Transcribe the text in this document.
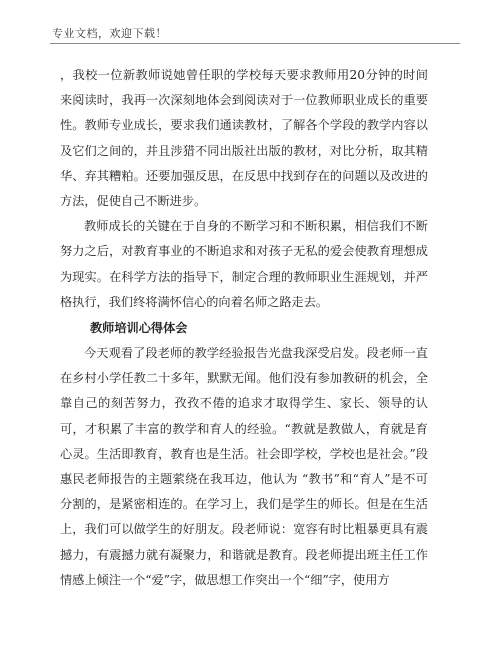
专业文档，欢迎下载！

，我校一位新教师说她曾任职的学校每天要求教师用20分钟的时间来阅读时，我再一次深刻地体会到阅读对于一位教师职业成长的重要性。教师专业成长，要求我们通读教材，了解各个学段的教学内容以及它们之间的，并且涉猎不同出版社出版的教材，对比分析，取其精华、弃其糟粕。还要加强反思，在反思中找到存在的问题以及改进的方法，促使自己不断进步。

教师成长的关键在于自身的不断学习和不断积累，相信我们不断努力之后，对教育事业的不断追求和对孩子无私的爱会使教育理想成为现实。在科学方法的指导下，制定合理的教师职业生涯规划，并严格执行，我们终将满怀信心的向着名师之路走去。

教师培训心得体会

今天观看了段老师的教学经验报告光盘我深受启发。段老师一直在乡村小学任教二十多年，默默无闻。他们没有参加教研的机会，全靠自己的刻苦努力，孜孜不倦的追求才取得学生、家长、领导的认可，才积累了丰富的教学和育人的经验。“教就是教做人，育就是育心灵。生活即教育，教育也是生活。社会即学校，学校也是社会。”段惠民老师报告的主题萦绕在我耳边，他认为 “教书”和“育人”是不可分割的，是紧密相连的。在学习上，我们是学生的师长。但是在生活上，我们可以做学生的好朋友。段老师说：宽容有时比粗暴更具有震撼力，有震撼力就有凝聚力，和谐就是教育。段老师提出班主任工作情感上倾注一个“爱”字，做思想工作突出一个“细”字，使用方
